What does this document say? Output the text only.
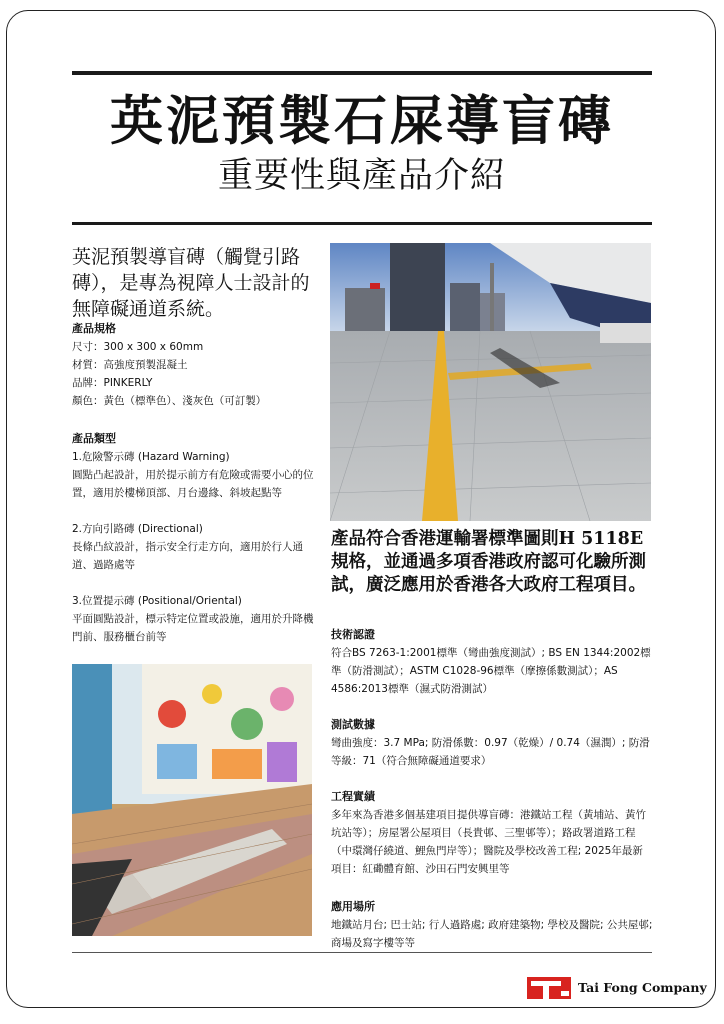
英泥預製石屎導盲磚
重要性與產品介紹
英泥預製導盲磚（觸覺引路磚），是專為視障人士設計的無障礙通道系統。
產品規格

尺寸：300 x 300 x 60mm

材質：高強度預製混凝土

品牌：PINKERLY

顏色：黃色（標準色）、淺灰色（可訂製）

產品類型

1.危險警示磚 (Hazard Warning)

圓點凸起設計，用於提示前方有危險或需要小心的位置，適用於樓梯頂部、月台邊緣、斜坡起點等

2.方向引路磚 (Directional)

長條凸紋設計，指示安全行走方向，適用於行人通道、過路處等

3.位置提示磚 (Positional/Oriental)

平面圓點設計，標示特定位置或設施，適用於升降機門前、服務櫃台前等

產品符合香港運輸署標準圖則H 5118E規格，並通過多項香港政府認可化驗所測試，廣泛應用於香港各大政府工程項目。
技術認證

符合BS 7263-1:2001標準（彎曲強度測試）; BS EN 1344:2002標準（防滑測試）；ASTM C1028-96標準（摩擦係數測試）；AS 4586:2013標準（濕式防滑測試）

測試數據

彎曲強度：3.7 MPa; 防滑係數：0.97（乾燥）/ 0.74（濕潤）; 防滑等級：71（符合無障礙通道要求）

工程實績

多年來為香港多個基建項目提供導盲磚：港鐵站工程（黃埔站、黃竹坑站等）；房屋署公屋項目（長貴邨、三聖邨等）；路政署道路工程（中環灣仔繞道、鯉魚門岸等）；醫院及學校改善工程; 2025年最新項目：紅磡體育館、沙田石門安興里等

應用場所

地鐵站月台; 巴士站; 行人過路處; 政府建築物; 學校及醫院; 公共屋邨; 商場及寫字樓等等

Tai Fong Company
